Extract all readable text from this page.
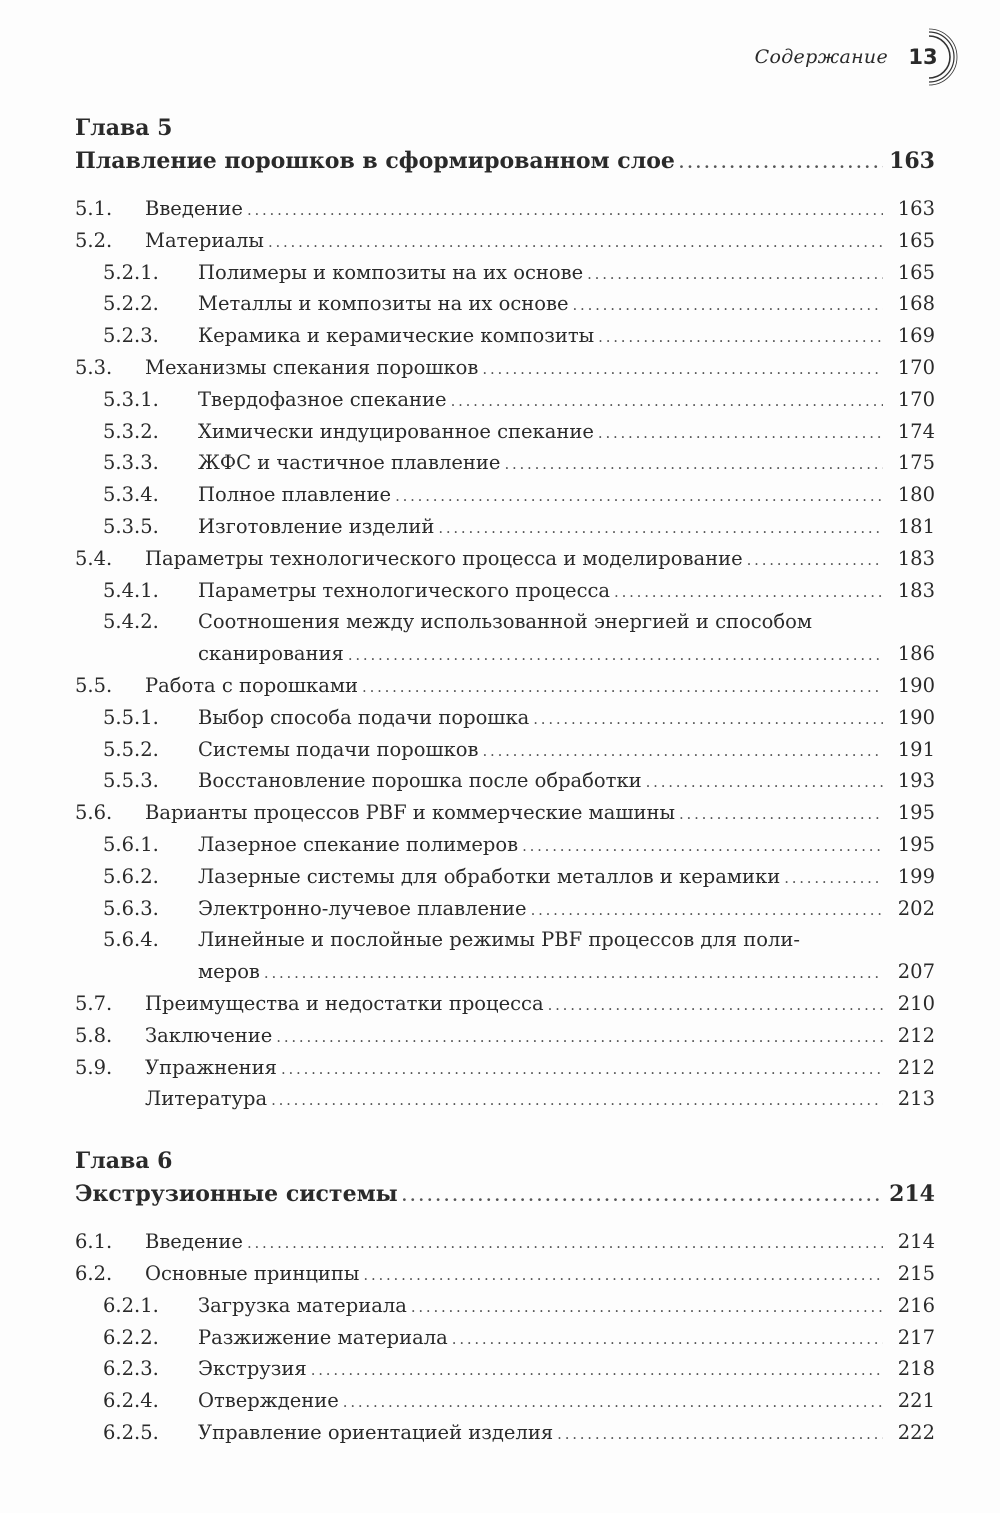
Содержание 13
Глава 5
Плавление порошков в сформированном слое . . .	163
5.1.	Введение . . .	163
5.2.	Материалы . . .	165
5.2.1.	Полимеры и композиты на их основе . . .	165
5.2.2.	Металлы и композиты на их основе . . .	168
5.2.3.	Керамика и керамические композиты . . .	169
5.3.	Механизмы спекания порошков . . .	170
5.3.1.	Твердофазное спекание . . .	170
5.3.2.	Химически индуцированное спекание . . .	174
5.3.3.	ЖФС и частичное плавление . . .	175
5.3.4.	Полное плавление . . .	180
5.3.5.	Изготовление изделий . . .	181
5.4.	Параметры технологического процесса и моделирование . . .	183
5.4.1.	Параметры технологического процесса . . .	183
5.4.2.	Соотношения между использованной энергией и способом
сканирования . . .	186
5.5.	Работа с порошками . . .	190
5.5.1.	Выбор способа подачи порошка . . .	190
5.5.2.	Системы подачи порошков . . .	191
5.5.3.	Восстановление порошка после обработки . . .	193
5.6.	Варианты процессов PBF и коммерческие машины . . .	195
5.6.1.	Лазерное спекание полимеров . . .	195
5.6.2.	Лазерные системы для обработки металлов и керамики . . .	199
5.6.3.	Электронно-лучевое плавление . . .	202
5.6.4.	Линейные и послойные режимы PBF процессов для поли-
меров . . .	207
5.7.	Преимущества и недостатки процесса . . .	210
5.8.	Заключение . . .	212
5.9.	Упражнения . . .	212
Литература . . .	213
Глава 6
Экструзионные системы . . .	214
6.1.	Введение . . .	214
6.2.	Основные принципы . . .	215
6.2.1.	Загрузка материала . . .	216
6.2.2.	Разжижение материала . . .	217
6.2.3.	Экструзия . . .	218
6.2.4.	Отверждение . . .	221
6.2.5.	Управление ориентацией изделия . . .	222
